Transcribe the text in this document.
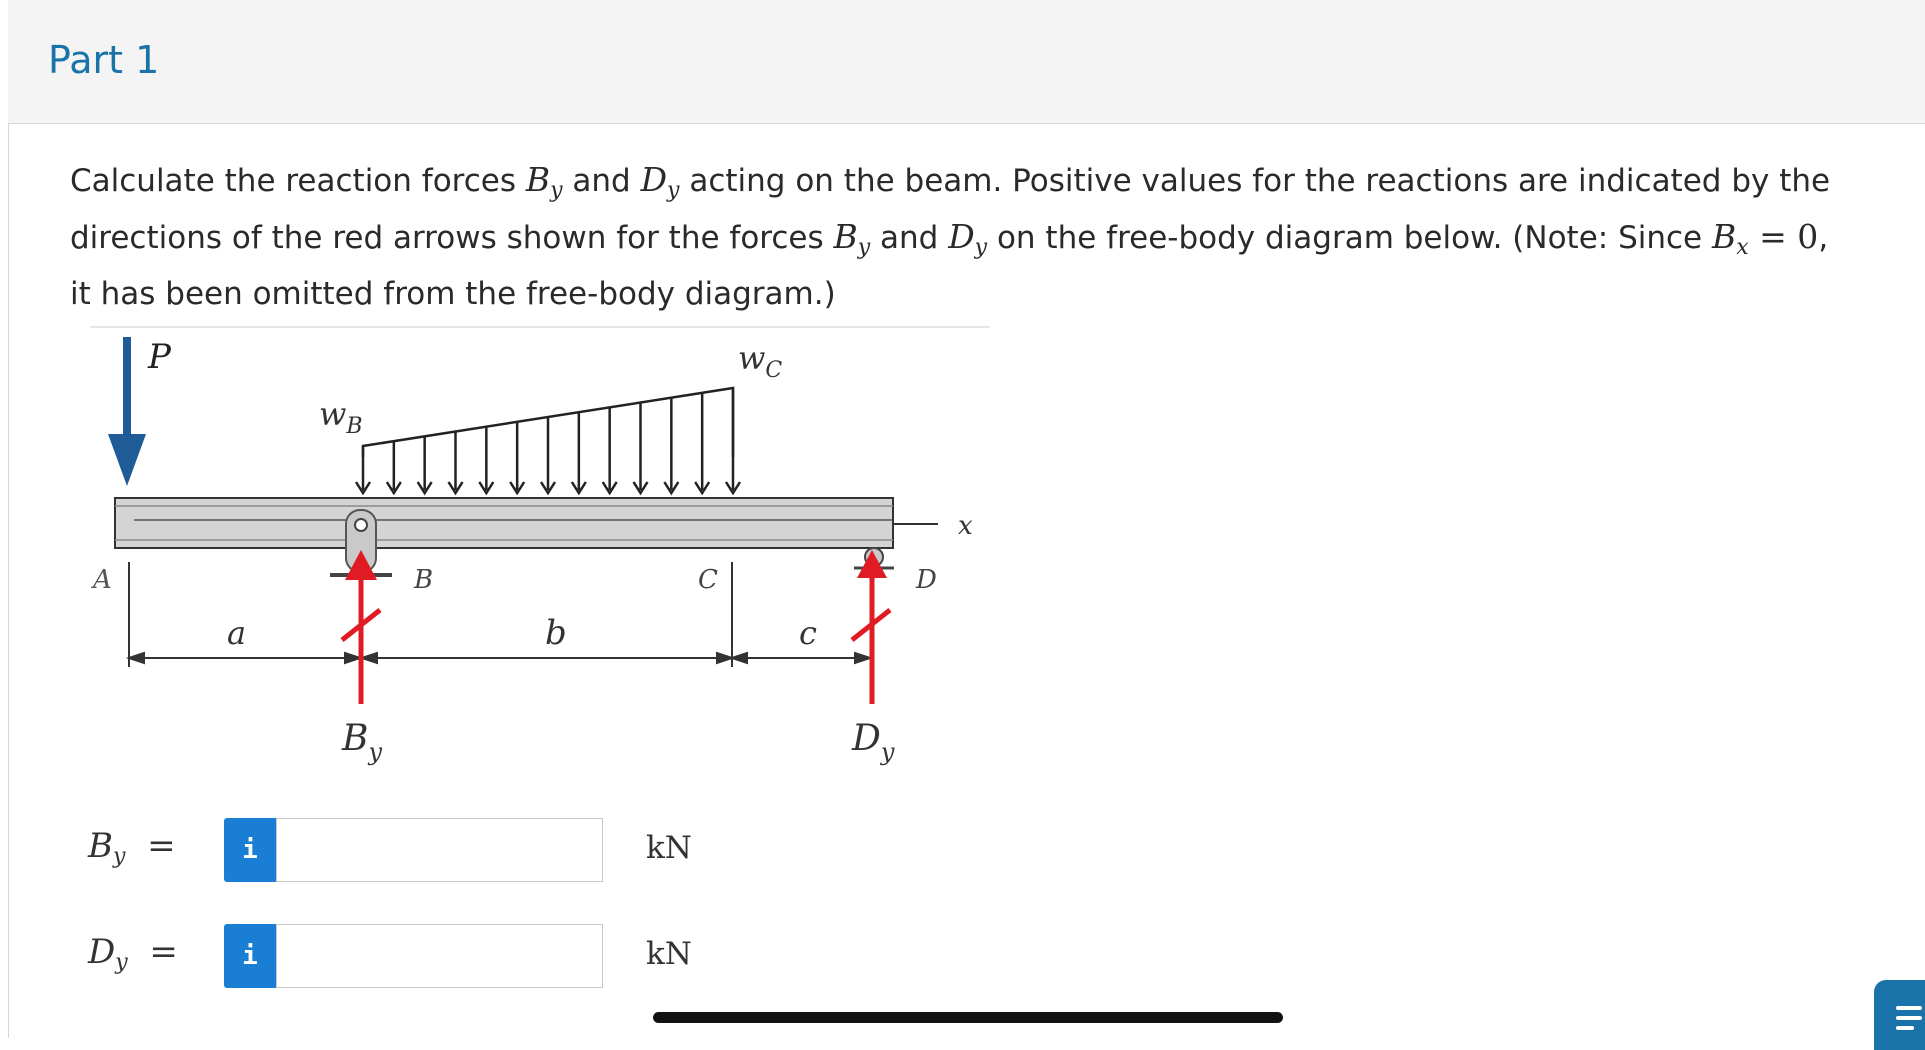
Part 1
Calculate the reaction forces $B_y$ and $D_y$ acting on the beam. Positive values for the reactions are indicated by the directions of the red arrows shown for the forces $B_y$ and $D_y$ on the free-body diagram below. (Note: Since $B_x = 0$, it has been omitted from the free-body diagram.)
P
$w_B$
$w_C$
x
A	B	C	D
a	b	c
$B_y$	$D_y$
$B_y$ =	i	kN
$D_y$ =	i	kN
